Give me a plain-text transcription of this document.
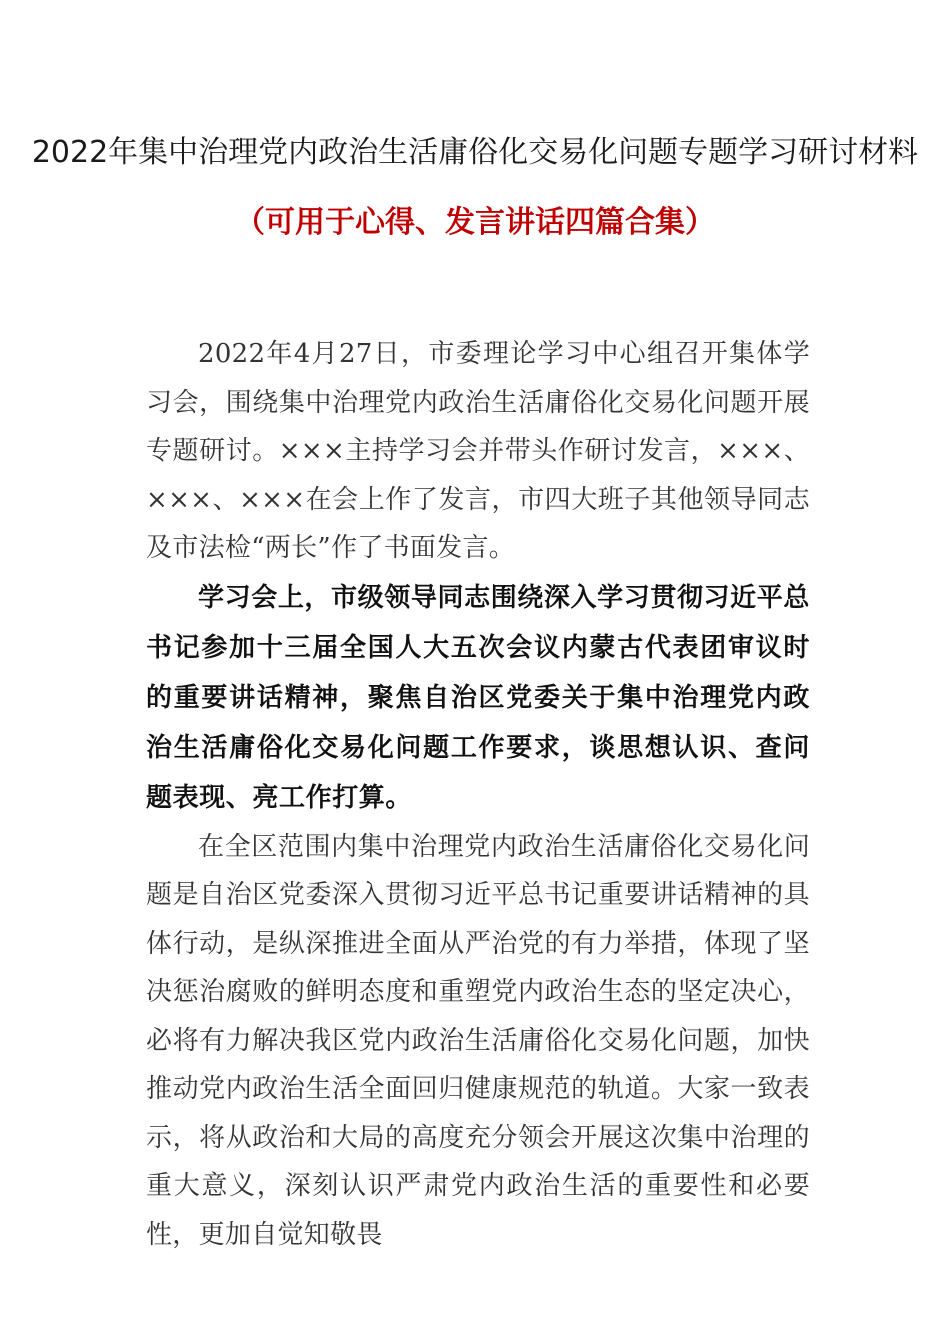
2022年集中治理党内政治生活庸俗化交易化问题专题学习研讨材料
（可用于心得、发言讲话四篇合集）

2022年4月27日，市委理论学习中心组召开集体学习会，围绕集中治理党内政治生活庸俗化交易化问题开展专题研讨。×××主持学习会并带头作研讨发言，×××、×××、×××在会上作了发言，市四大班子其他领导同志及市法检“两长”作了书面发言。

学习会上，市级领导同志围绕深入学习贯彻习近平总书记参加十三届全国人大五次会议内蒙古代表团审议时的重要讲话精神，聚焦自治区党委关于集中治理党内政治生活庸俗化交易化问题工作要求，谈思想认识、查问题表现、亮工作打算。

在全区范围内集中治理党内政治生活庸俗化交易化问题是自治区党委深入贯彻习近平总书记重要讲话精神的具体行动，是纵深推进全面从严治党的有力举措，体现了坚决惩治腐败的鲜明态度和重塑党内政治生态的坚定决心，必将有力解决我区党内政治生活庸俗化交易化问题，加快推动党内政治生活全面回归健康规范的轨道。大家一致表示，将从政治和大局的高度充分领会开展这次集中治理的重大意义，深刻认识严肃党内政治生活的重要性和必要性，更加自觉知敬畏
